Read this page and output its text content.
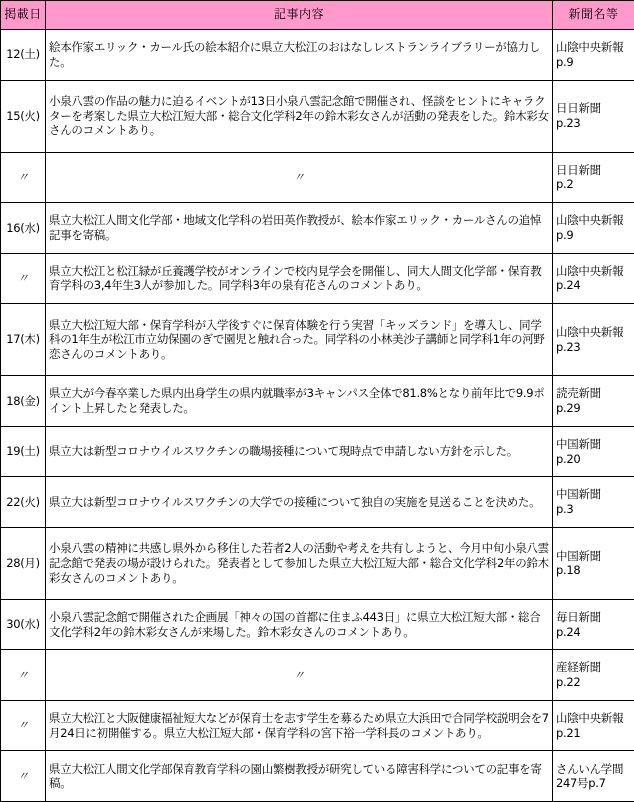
掲載日	記事内容	新聞名等
12(土)	絵本作家エリック・カール氏の絵本紹介に県立大松江のおはなしレストランライブラリーが協力した。	山陰中央新報
p.9

15(火)	小泉八雲の作品の魅力に迫るイベントが13日小泉八雲記念館で開催され、怪談をヒントにキャラクターを考案した県立大松江短大部・総合文化学科2年の鈴木彩女さんが活動の発表をした。鈴木彩女さんのコメントあり。	日日新聞
p.23

〃	〃	日日新聞
p.2

16(水)	県立大松江人間文化学部・地域文化学科の岩田英作教授が、絵本作家エリック・カールさんの追悼記事を寄稿。	山陰中央新報
p.9

〃	県立大松江と松江緑が丘養護学校がオンラインで校内見学会を開催し、同大人間文化学部・保育教育学科の3,4年生3人が参加した。同学科3年の泉有花さんのコメントあり。	山陰中央新報
p.24

17(木)	県立大松江短大部・保育学科が入学後すぐに保育体験を行う実習「キッズランド」を導入し、同学科の1年生が松江市立幼保園のぎで園児と触れ合った。同学科の小林美沙子講師と同学科1年の河野恋さんのコメントあり。	山陰中央新報
p.23

18(金)	県立大が今春卒業した県内出身学生の県内就職率が3キャンパス全体で81.8%となり前年比で9.9ポイント上昇したと発表した。	読売新聞
p.29

19(土)	県立大は新型コロナウイルスワクチンの職場接種について現時点で申請しない方針を示した。	中国新聞
p.20

22(火)	県立大は新型コロナウイルスワクチンの大学での接種について独自の実施を見送ることを決めた。	中国新聞
p.3

28(月)	小泉八雲の精神に共感し県外から移住した若者2人の活動や考えを共有しようと、今月中旬小泉八雲記念館で発表の場が設けられた。発表者として参加した県立大松江短大部・総合文化学科2年の鈴木彩女さんのコメントあり。	中国新聞
p.18

30(水)	小泉八雲記念館で開催された企画展「神々の国の首都に住まふ443日」に県立大松江短大部・総合文化学科2年の鈴木彩女さんが来場した。鈴木彩女さんのコメントあり。	毎日新聞
p.24

〃	〃	産経新聞
p.22

〃	県立大松江と大阪健康福祉短大などが保育士を志す学生を募るため県立大浜田で合同学校説明会を7月24日に初開催する。県立大松江短大部・保育学科の宮下裕一学科長のコメントあり。	山陰中央新報
p.21

〃	県立大松江人間文化学部保育教育学科の園山繁樹教授が研究している障害科学についての記事を寄稿。	さんいん学間
247号p.7
